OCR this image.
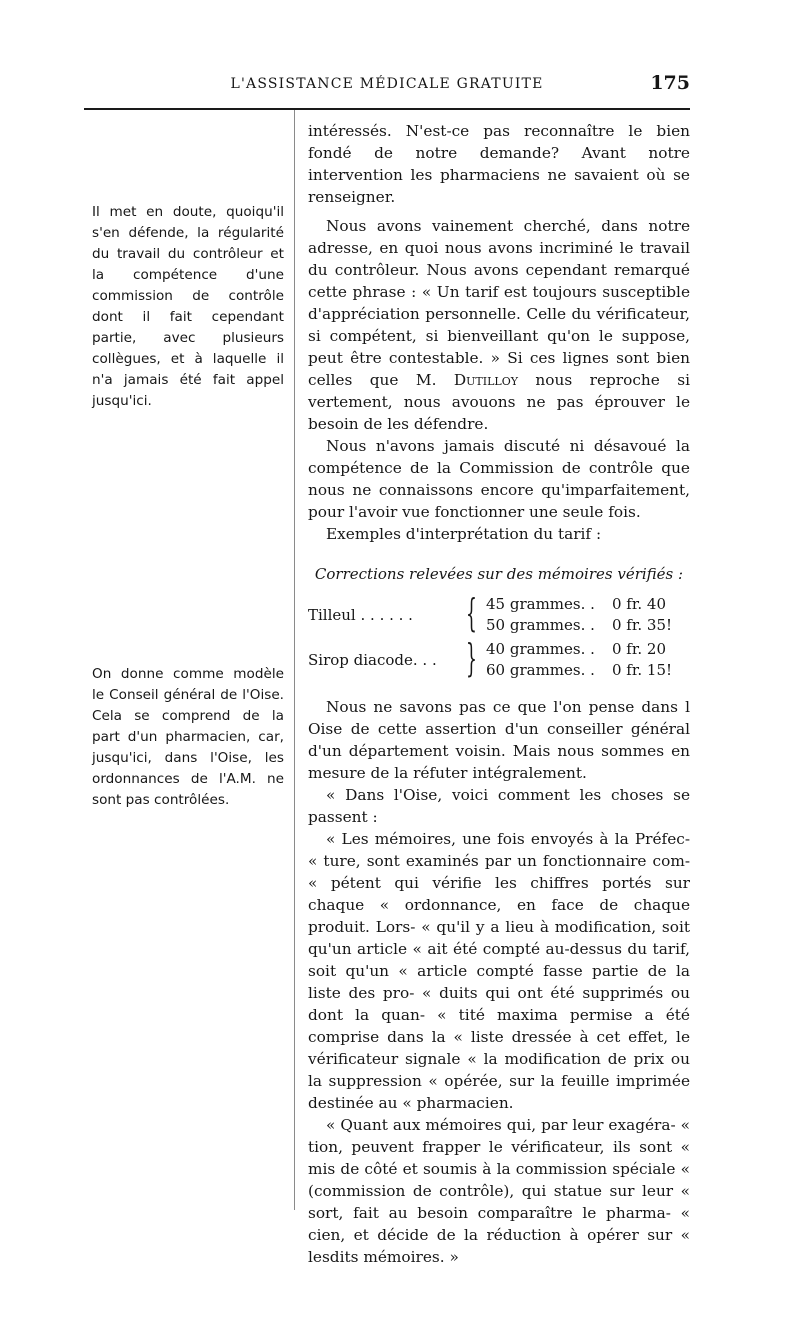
L'ASSISTANCE MÉDICALE GRATUITE	175
Il met en doute, quoiqu'il s'en défende, la régularité du travail du contrôleur et la compétence d'une commission de contrôle dont il fait cependant partie, avec plusieurs collègues, et à laquelle il n'a jamais été fait appel jusqu'ici.
On donne comme modèle le Conseil général de l'Oise. Cela se comprend de la part d'un pharmacien, car, jusqu'ici, dans l'Oise, les ordonnances de l'A.M. ne sont pas contrôlées.

intéressés. N'est-ce pas reconnaître le bien fondé de notre demande? Avant notre intervention les pharmaciens ne savaient où se renseigner.

Nous avons vainement cherché, dans notre adresse, en quoi nous avons incriminé le travail du contrôleur. Nous avons cependant remarqué cette phrase : « Un tarif est toujours susceptible d'appréciation personnelle. Celle du vérificateur, si compétent, si bienveillant qu'on le suppose, peut être contestable. » Si ces lignes sont bien celles que M. Dutilloy nous reproche si vertement, nous avouons ne pas éprouver le besoin de les défendre.

Nous n'avons jamais discuté ni désavoué la compétence de la Commission de contrôle que nous ne connaissons encore qu'imparfaitement, pour l'avoir vue fonctionner une seule fois.

Exemples d'interprétation du tarif :

Corrections relevées sur des mémoires vérifiés :
Tilleul . . . . . . { 45 grammes. . 0 fr. 40
50 grammes. . 0 fr. 35!
Sirop diacode. . . } 40 grammes. . 0 fr. 20
60 grammes. . 0 fr. 15!

Nous ne savons pas ce que l'on pense dans l Oise de cette assertion d'un conseiller général d'un département voisin. Mais nous sommes en mesure de la réfuter intégralement.

« Dans l'Oise, voici comment les choses se passent :

« Les mémoires, une fois envoyés à la Préfec- « ture, sont examinés par un fonctionnaire com- « pétent qui vérifie les chiffres portés sur chaque « ordonnance, en face de chaque produit. Lors- « qu'il y a lieu à modification, soit qu'un article « ait été compté au-dessus du tarif, soit qu'un « article compté fasse partie de la liste des pro- « duits qui ont été supprimés ou dont la quan- « tité maxima permise a été comprise dans la « liste dressée à cet effet, le vérificateur signale « la modification de prix ou la suppression « opérée, sur la feuille imprimée destinée au « pharmacien.

« Quant aux mémoires qui, par leur exagéra- « tion, peuvent frapper le vérificateur, ils sont « mis de côté et soumis à la commission spéciale « (commission de contrôle), qui statue sur leur « sort, fait au besoin comparaître le pharma- « cien, et décide de la réduction à opérer sur « lesdits mémoires. »
